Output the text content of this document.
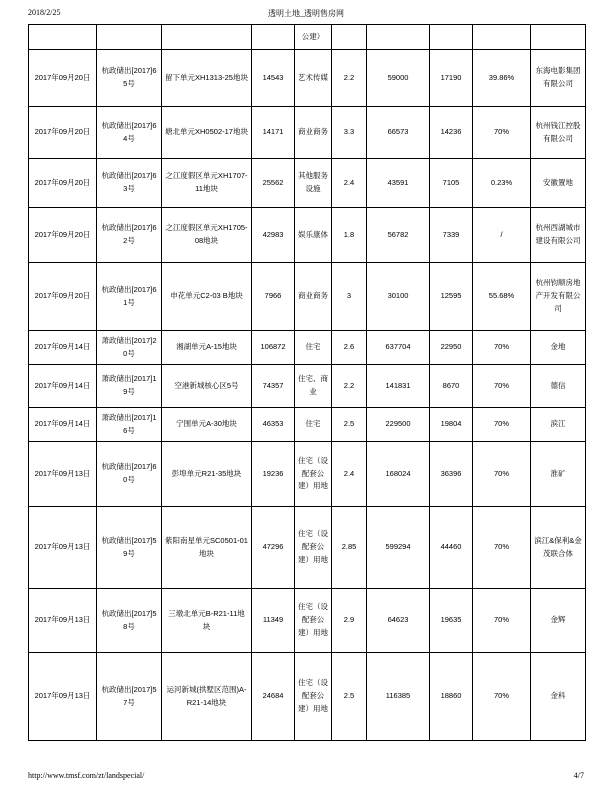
2018/2/25	透明土地_透明售房网
				公建）					
2017年09月20日	杭政储出[2017]65号	留下单元XH1313-25地块	14543	艺术传媒	2.2	59000	17190	39.86%	东海电影集团有限公司
2017年09月20日	杭政储出[2017]64号	塘北单元XH0502-17地块	14171	商业商务	3.3	66573	14236	70%	杭州钱江控股有限公司
2017年09月20日	杭政储出[2017]63号	之江度假区单元XH1707-11地块	25562	其他服务设施	2.4	43591	7105	0.23%	安徽置地
2017年09月20日	杭政储出[2017]62号	之江度假区单元XH1705-08地块	42983	娱乐康体	1.8	56782	7339	/	杭州西湖城市建设有限公司
2017年09月20日	杭政储出[2017]61号	申花单元C2-03 B地块	7966	商业商务	3	30100	12595	55.68%	杭州钧顺房地产开发有限公司
2017年09月14日	萧政储出[2017]20号	湘湖单元A-15地块	106872	住宅	2.6	637704	22950	70%	金地
2017年09月14日	萧政储出[2017]19号	空港新城核心区5号	74357	住宅、商业	2.2	141831	8670	70%	德信
2017年09月14日	萧政储出[2017]16号	宁围单元A-30地块	46353	住宅	2.5	229500	19804	70%	滨江
2017年09月13日	杭政储出[2017]60号	彭埠单元R21-35地块	19236	住宅（设配套公建）用地	2.4	168024	36396	70%	淮矿
2017年09月13日	杭政储出[2017]59号	紫阳南星单元SC0501-01地块	47296	住宅（设配套公建）用地	2.85	599294	44460	70%	滨江&保利&金茂联合体
2017年09月13日	杭政储出[2017]58号	三墩北单元B-R21-11地块	11349	住宅（设配套公建）用地	2.9	64623	19635	70%	金辉
2017年09月13日	杭政储出[2017]57号	运河新城(拱墅区范围)A-R21-14地块	24684	住宅（设配套公建）用地	2.5	116385	18860	70%	金科
http://www.tmsf.com/zt/landspecial/	4/7
